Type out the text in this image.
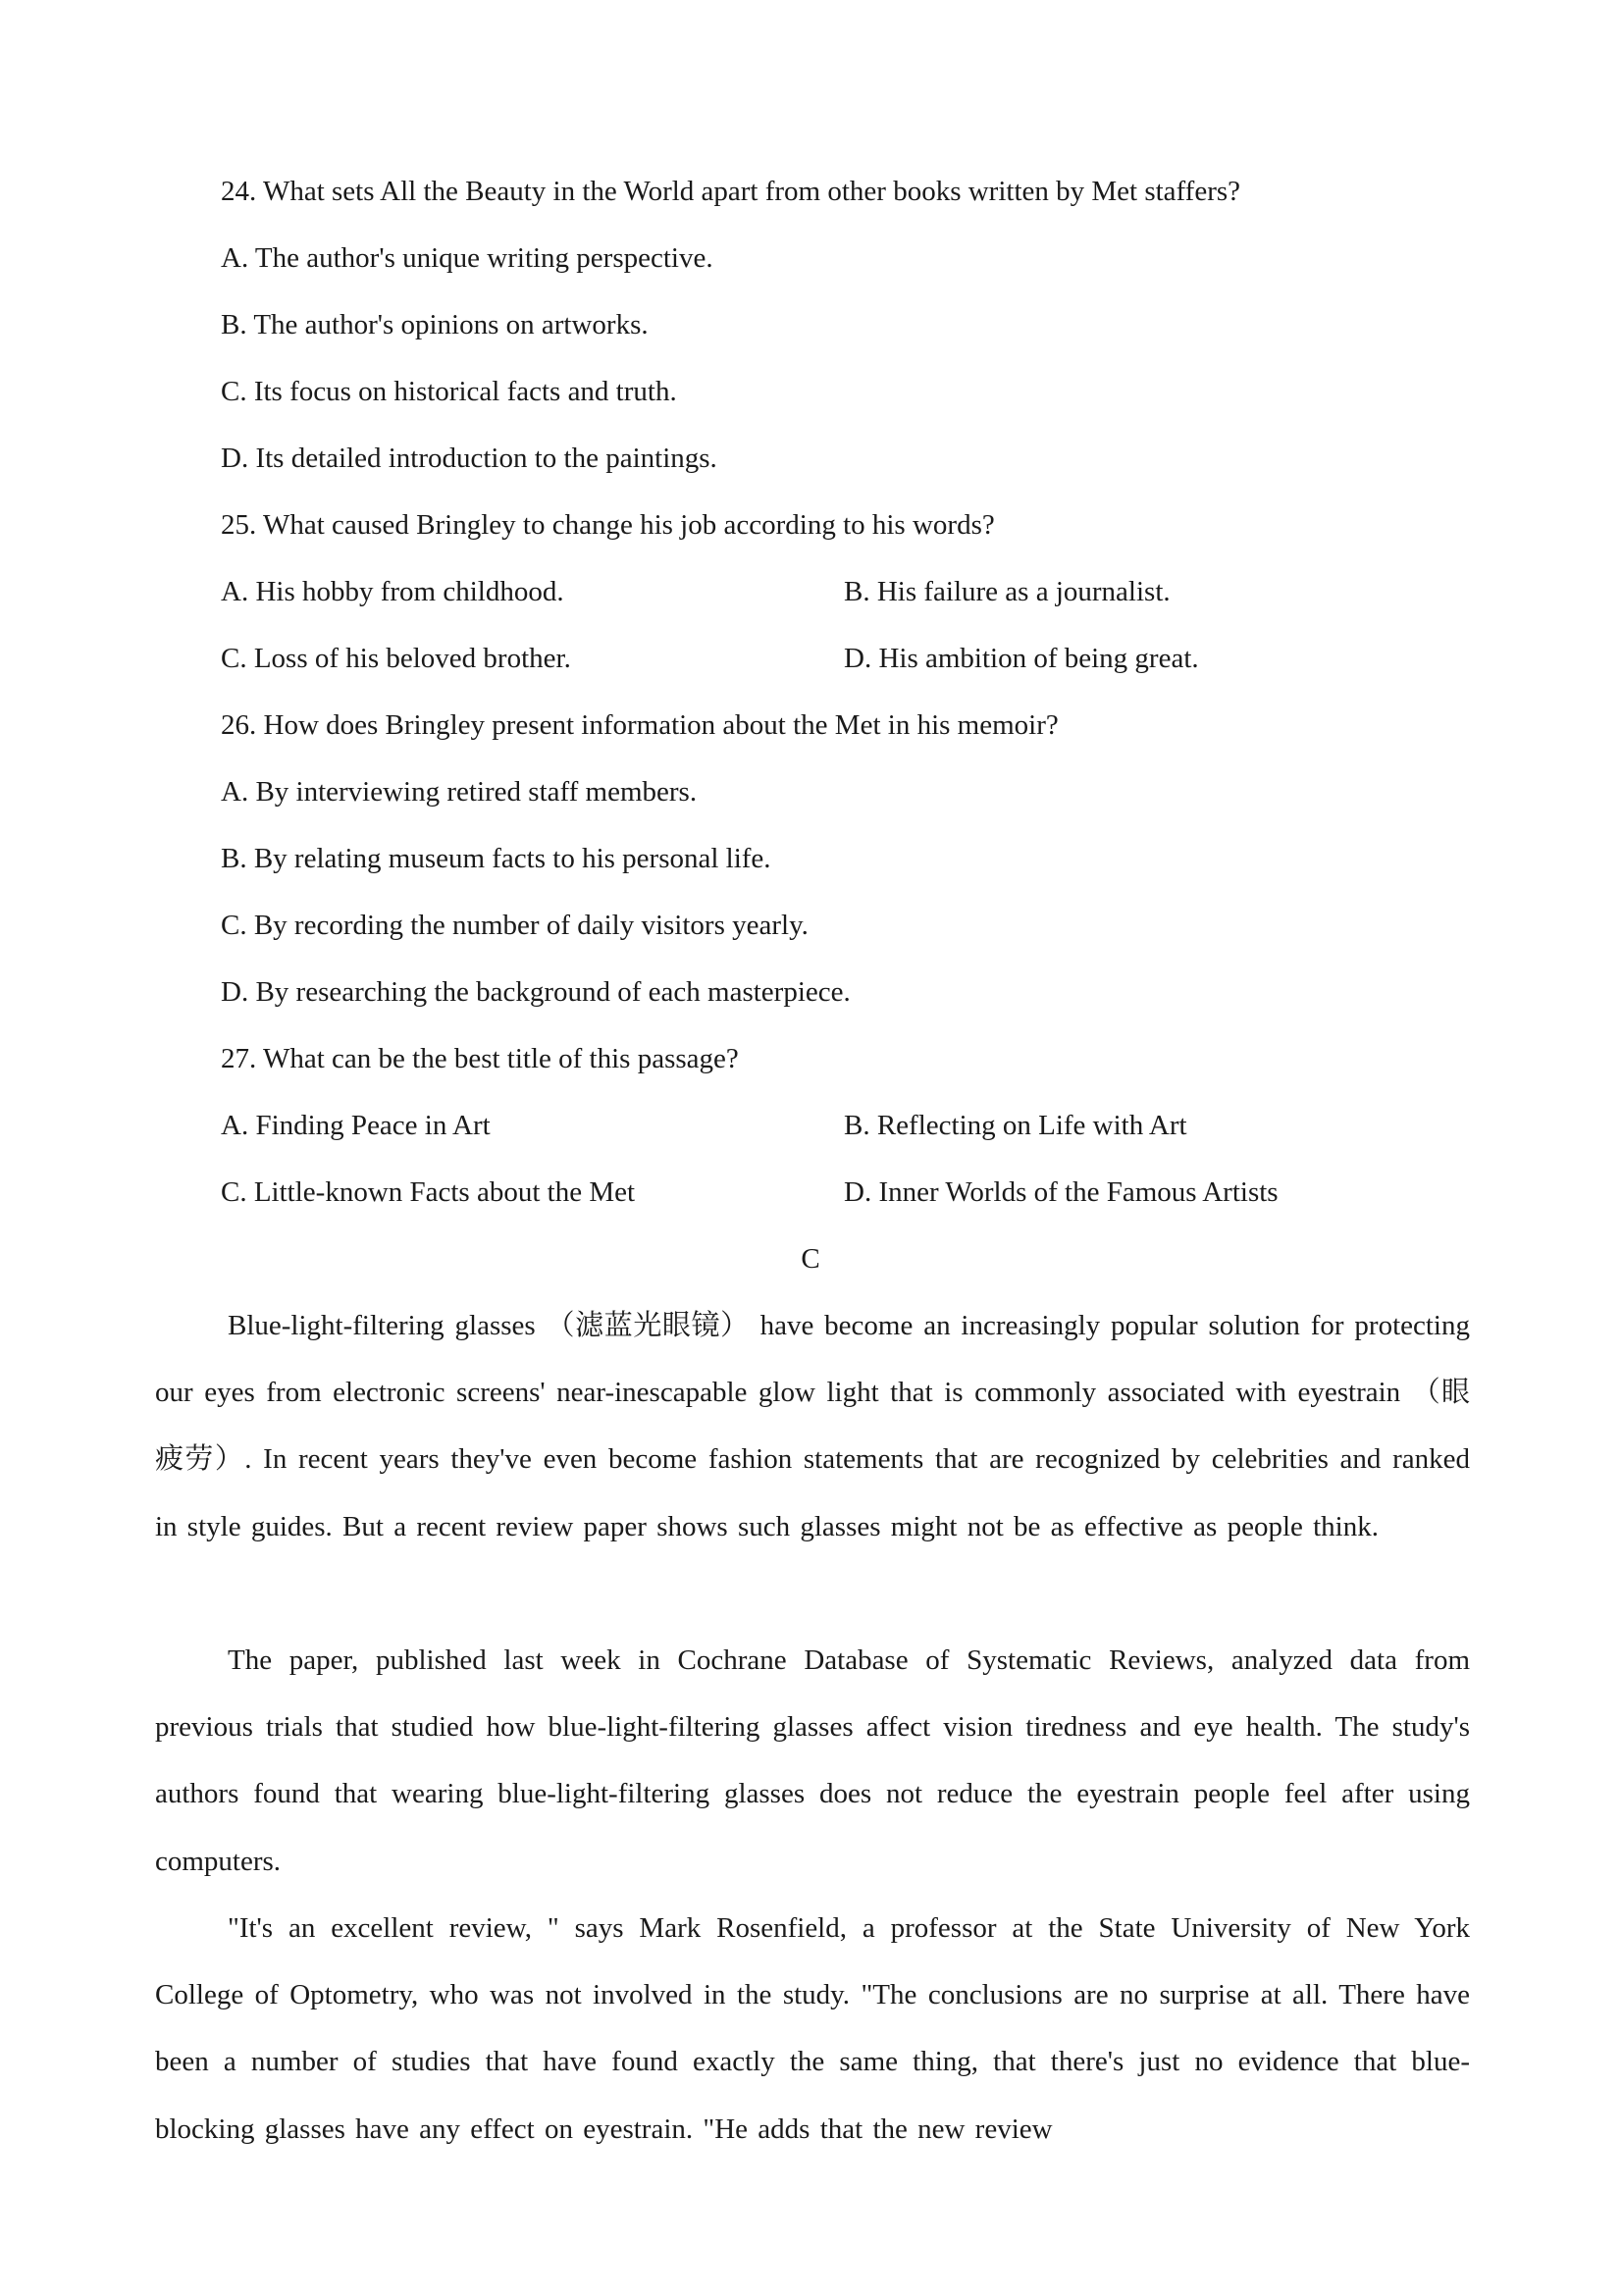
24. What sets All the Beauty in the World apart from other books written by Met staffers?
A. The author's unique writing perspective.
B. The author's opinions on artworks.
C. Its focus on historical facts and truth.
D. Its detailed introduction to the paintings.
25. What caused Bringley to change his job according to his words?
A. His hobby from childhood.	B. His failure as a journalist.
C. Loss of his beloved brother.	D. His ambition of being great.
26. How does Bringley present information about the Met in his memoir?
A. By interviewing retired staff members.
B. By relating museum facts to his personal life.
C. By recording the number of daily visitors yearly.
D. By researching the background of each masterpiece.
27. What can be the best title of this passage?
A. Finding Peace in Art	B. Reflecting on Life with Art
C. Little-known Facts about the Met	D. Inner Worlds of the Famous Artists
C

Blue-light-filtering glasses （滤蓝光眼镜） have become an increasingly popular solution for protecting our eyes from electronic screens' near-inescapable glow light that is commonly associated with eyestrain （眼疲劳）. In recent years they've even become fashion statements that are recognized by celebrities and ranked in style guides. But a recent review paper shows such glasses might not be as effective as people think.

The paper, published last week in Cochrane Database of Systematic Reviews, analyzed data from previous trials that studied how blue-light-filtering glasses affect vision tiredness and eye health. The study's authors found that wearing blue-light-filtering glasses does not reduce the eyestrain people feel after using computers.

"It's an excellent review, " says Mark Rosenfield, a professor at the State University of New York College of Optometry, who was not involved in the study. "The conclusions are no surprise at all. There have been a number of studies that have found exactly the same thing, that there's just no evidence that blue-blocking glasses have any effect on eyestrain. "He adds that the new review
